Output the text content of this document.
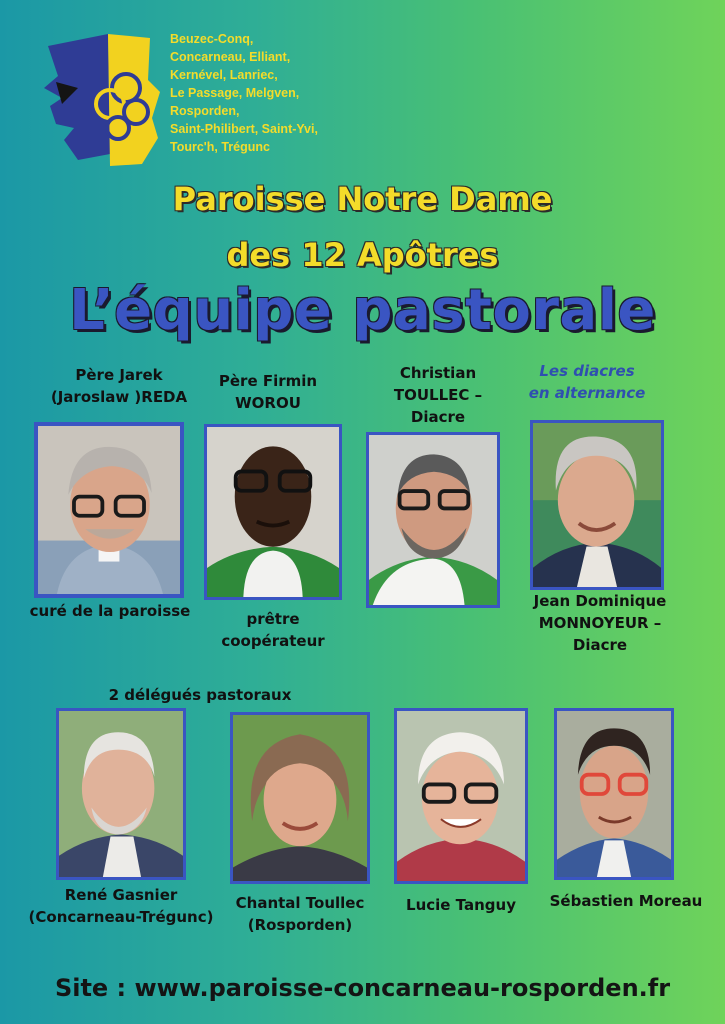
Beuzec-Conq,
Concarneau, Elliant,
Kernével, Lanriec,
Le Passage, Melgven,
Rosporden,
Saint-Philibert, Saint-Yvi,
Tourc'h, Trégunc
Paroisse Notre Dame
des 12 Apôtres
L’équipe pastorale
Père Jarek
(Jaroslaw )REDA
curé de la paroisse
Père Firmin
WOROU
prêtre
coopérateur
Christian
TOULLEC –
Diacre
Les diacres
en alternance
Jean Dominique
MONNOYEUR –
Diacre
2 délégués pastoraux
René Gasnier
(Concarneau-Trégunc)
Chantal Toullec
(Rosporden)
Lucie Tanguy	Sébastien Moreau
Site : www.paroisse-concarneau-rosporden.fr
